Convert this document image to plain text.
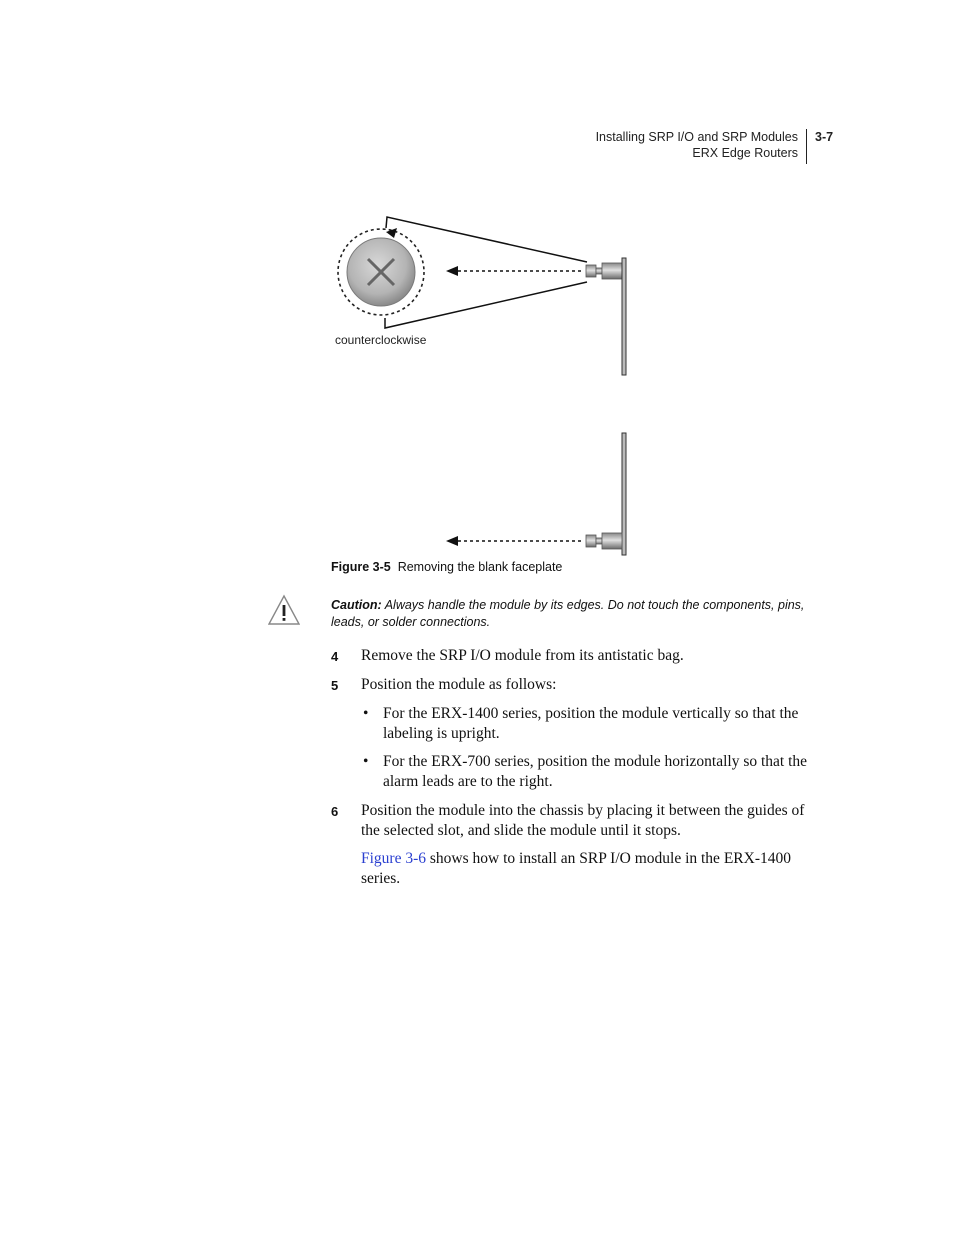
Installing SRP I/O and SRP Modules
ERX Edge Routers
3-7
counterclockwise
Figure 3-5 Removing the blank faceplate
Caution: Always handle the module by its edges. Do not touch the components, pins, leads, or solder connections.
4 Remove the SRP I/O module from its antistatic bag.
5 Position the module as follows:
• For the ERX-1400 series, position the module vertically so that the labeling is upright.
• For the ERX-700 series, position the module horizontally so that the alarm leads are to the right.
6 Position the module into the chassis by placing it between the guides of the selected slot, and slide the module until it stops.
Figure 3-6 shows how to install an SRP I/O module in the ERX-1400 series.
